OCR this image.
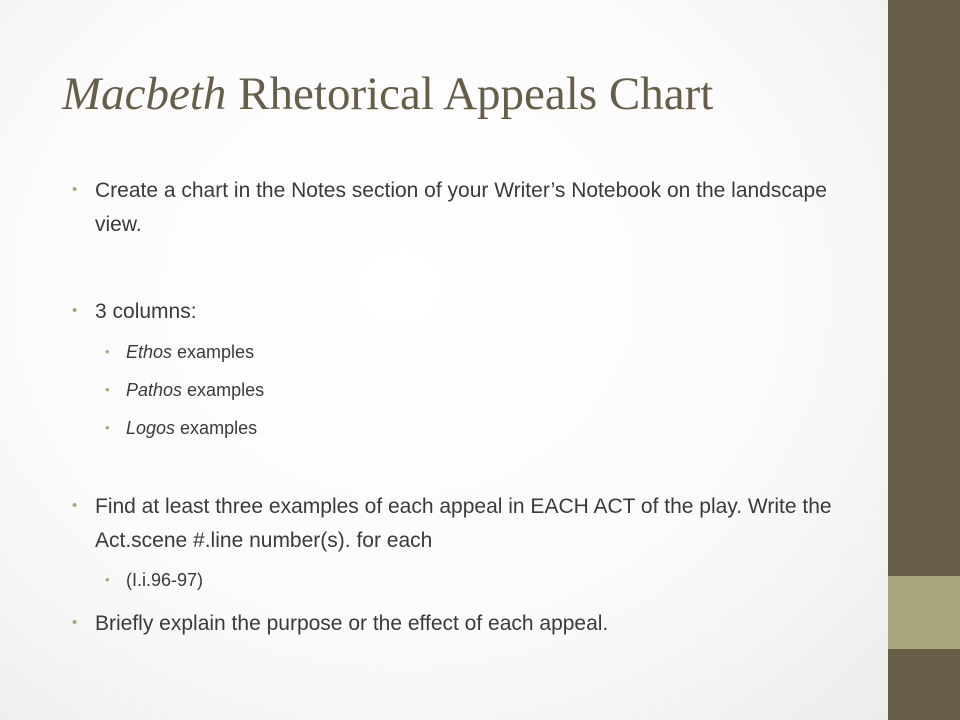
Macbeth Rhetorical Appeals Chart
• Create a chart in the Notes section of your Writer’s Notebook on the landscape view.
• 3 columns:
• Ethos examples
• Pathos examples
• Logos examples
• Find at least three examples of each appeal in EACH ACT of the play. Write the Act.scene #.line number(s). for each
• (I.i.96-97)
• Briefly explain the purpose or the effect of each appeal.
